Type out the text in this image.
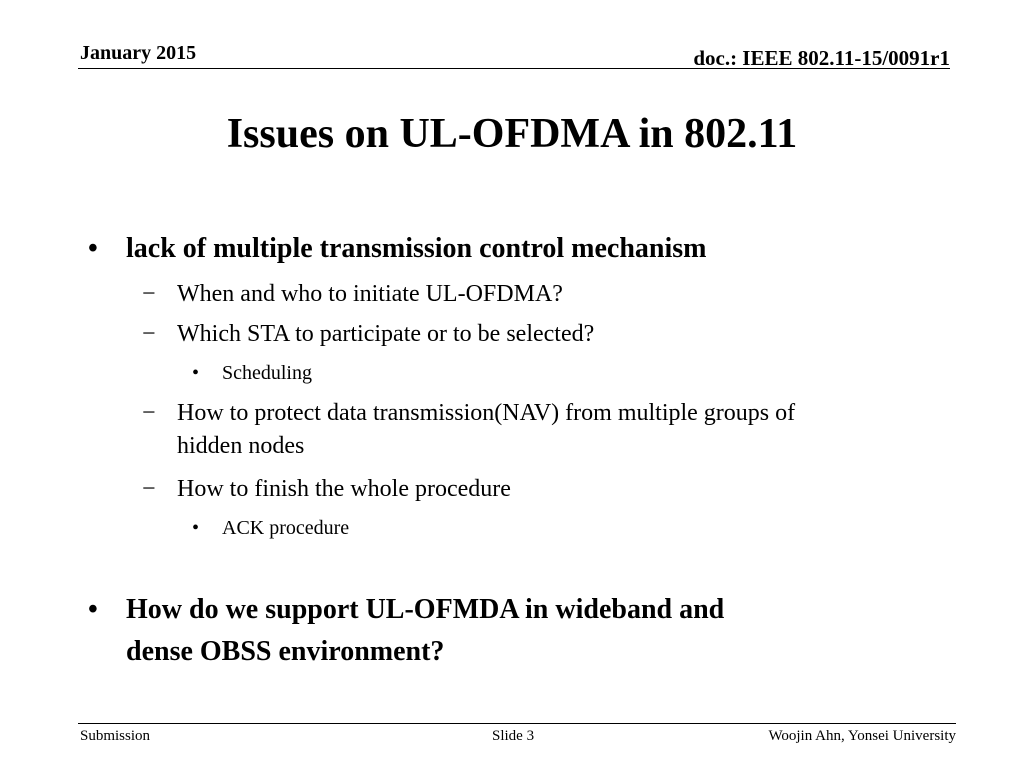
January 2015	doc.: IEEE 802.11-15/0091r1
Issues on UL-OFDMA in 802.11
• lack of multiple transmission control mechanism
− When and who to initiate UL-OFDMA?
− Which STA to participate or to be selected?
• Scheduling
− How to protect data transmission(NAV) from multiple groups of
hidden nodes
− How to finish the whole procedure
• ACK procedure
• How do we support UL-OFMDA in wideband and
dense OBSS environment?
Submission	Slide 3	Woojin Ahn, Yonsei University
